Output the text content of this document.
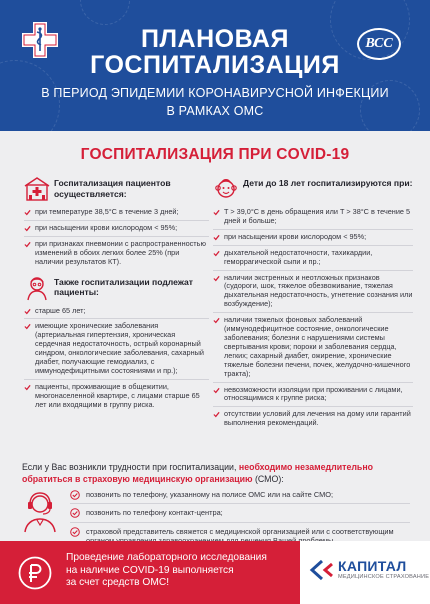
ВСС
ПЛАНОВАЯ
ГОСПИТАЛИЗАЦИЯ
В ПЕРИОД ЭПИДЕМИИ КОРОНАВИРУСНОЙ ИНФЕКЦИИ
В РАМКАХ ОМС
ГОСПИТАЛИЗАЦИЯ ПРИ COVID-19
Госпитализация пациентов осуществляется:
при температуре 38,5°С в течение 3 дней;
при насыщении крови кислородом < 95%;
при признаках пневмонии с распространенностью изменений в обоих легких более 25% (при наличии результатов КТ).
Также госпитализации подлежат пациенты:
старше 65 лет;
имеющие хронические заболевания (артериальная гипертензия, хроническая сердечная недостаточность, острый коронарный синдром, онкологические заболевания, сахарный диабет, получающие гемодиализ, с иммунодефицитными состояниями и пр.);
пациенты, проживающие в общежитии, многонаселенной квартире, с лицами старше 65 лет или входящими в группу риска.
Дети до 18 лет госпитализируются при:
T > 39,0°С в день обращения или T > 38°С в течение 5 дней и больше;
при насыщении крови кислородом < 95%;
дыхательной недостаточности, тахикардии, геморрагической сыпи и пр.;
наличии экстренных и неотложных признаков (судороги, шок, тяжелое обезвоживание, тяжелая дыхательная недостаточность, угнетение сознания или возбуждение);
наличии тяжелых фоновых заболеваний (иммунодефицитное состояние, онкологические заболевания; болезни с нарушениями системы свертывания крови; пороки и заболевания сердца, легких; сахарный диабет, ожирение, хронические тяжелые болезни печени, почек, желудочно-кишечного тракта);
невозможности изоляции при проживании с лицами, относящимися к группе риска;
отсутствии условий для лечения на дому или гарантий выполнения рекомендаций.
Если у Вас возникли трудности при госпитализации, необходимо незамедлительно обратиться в страховую медицинскую организацию (СМО):
позвонить по телефону, указанному на полисе ОМС или на сайте СМО;
позвонить по телефону контакт-центра;
страховой представитель свяжется с медицинской организацией или с соответствующим
Проведение лабораторного исследования
на наличие COVID-19 выполняется
за счет средств ОМС!
КАПИТАЛ
МЕДИЦИНСКОЕ СТРАХОВАНИЕ
